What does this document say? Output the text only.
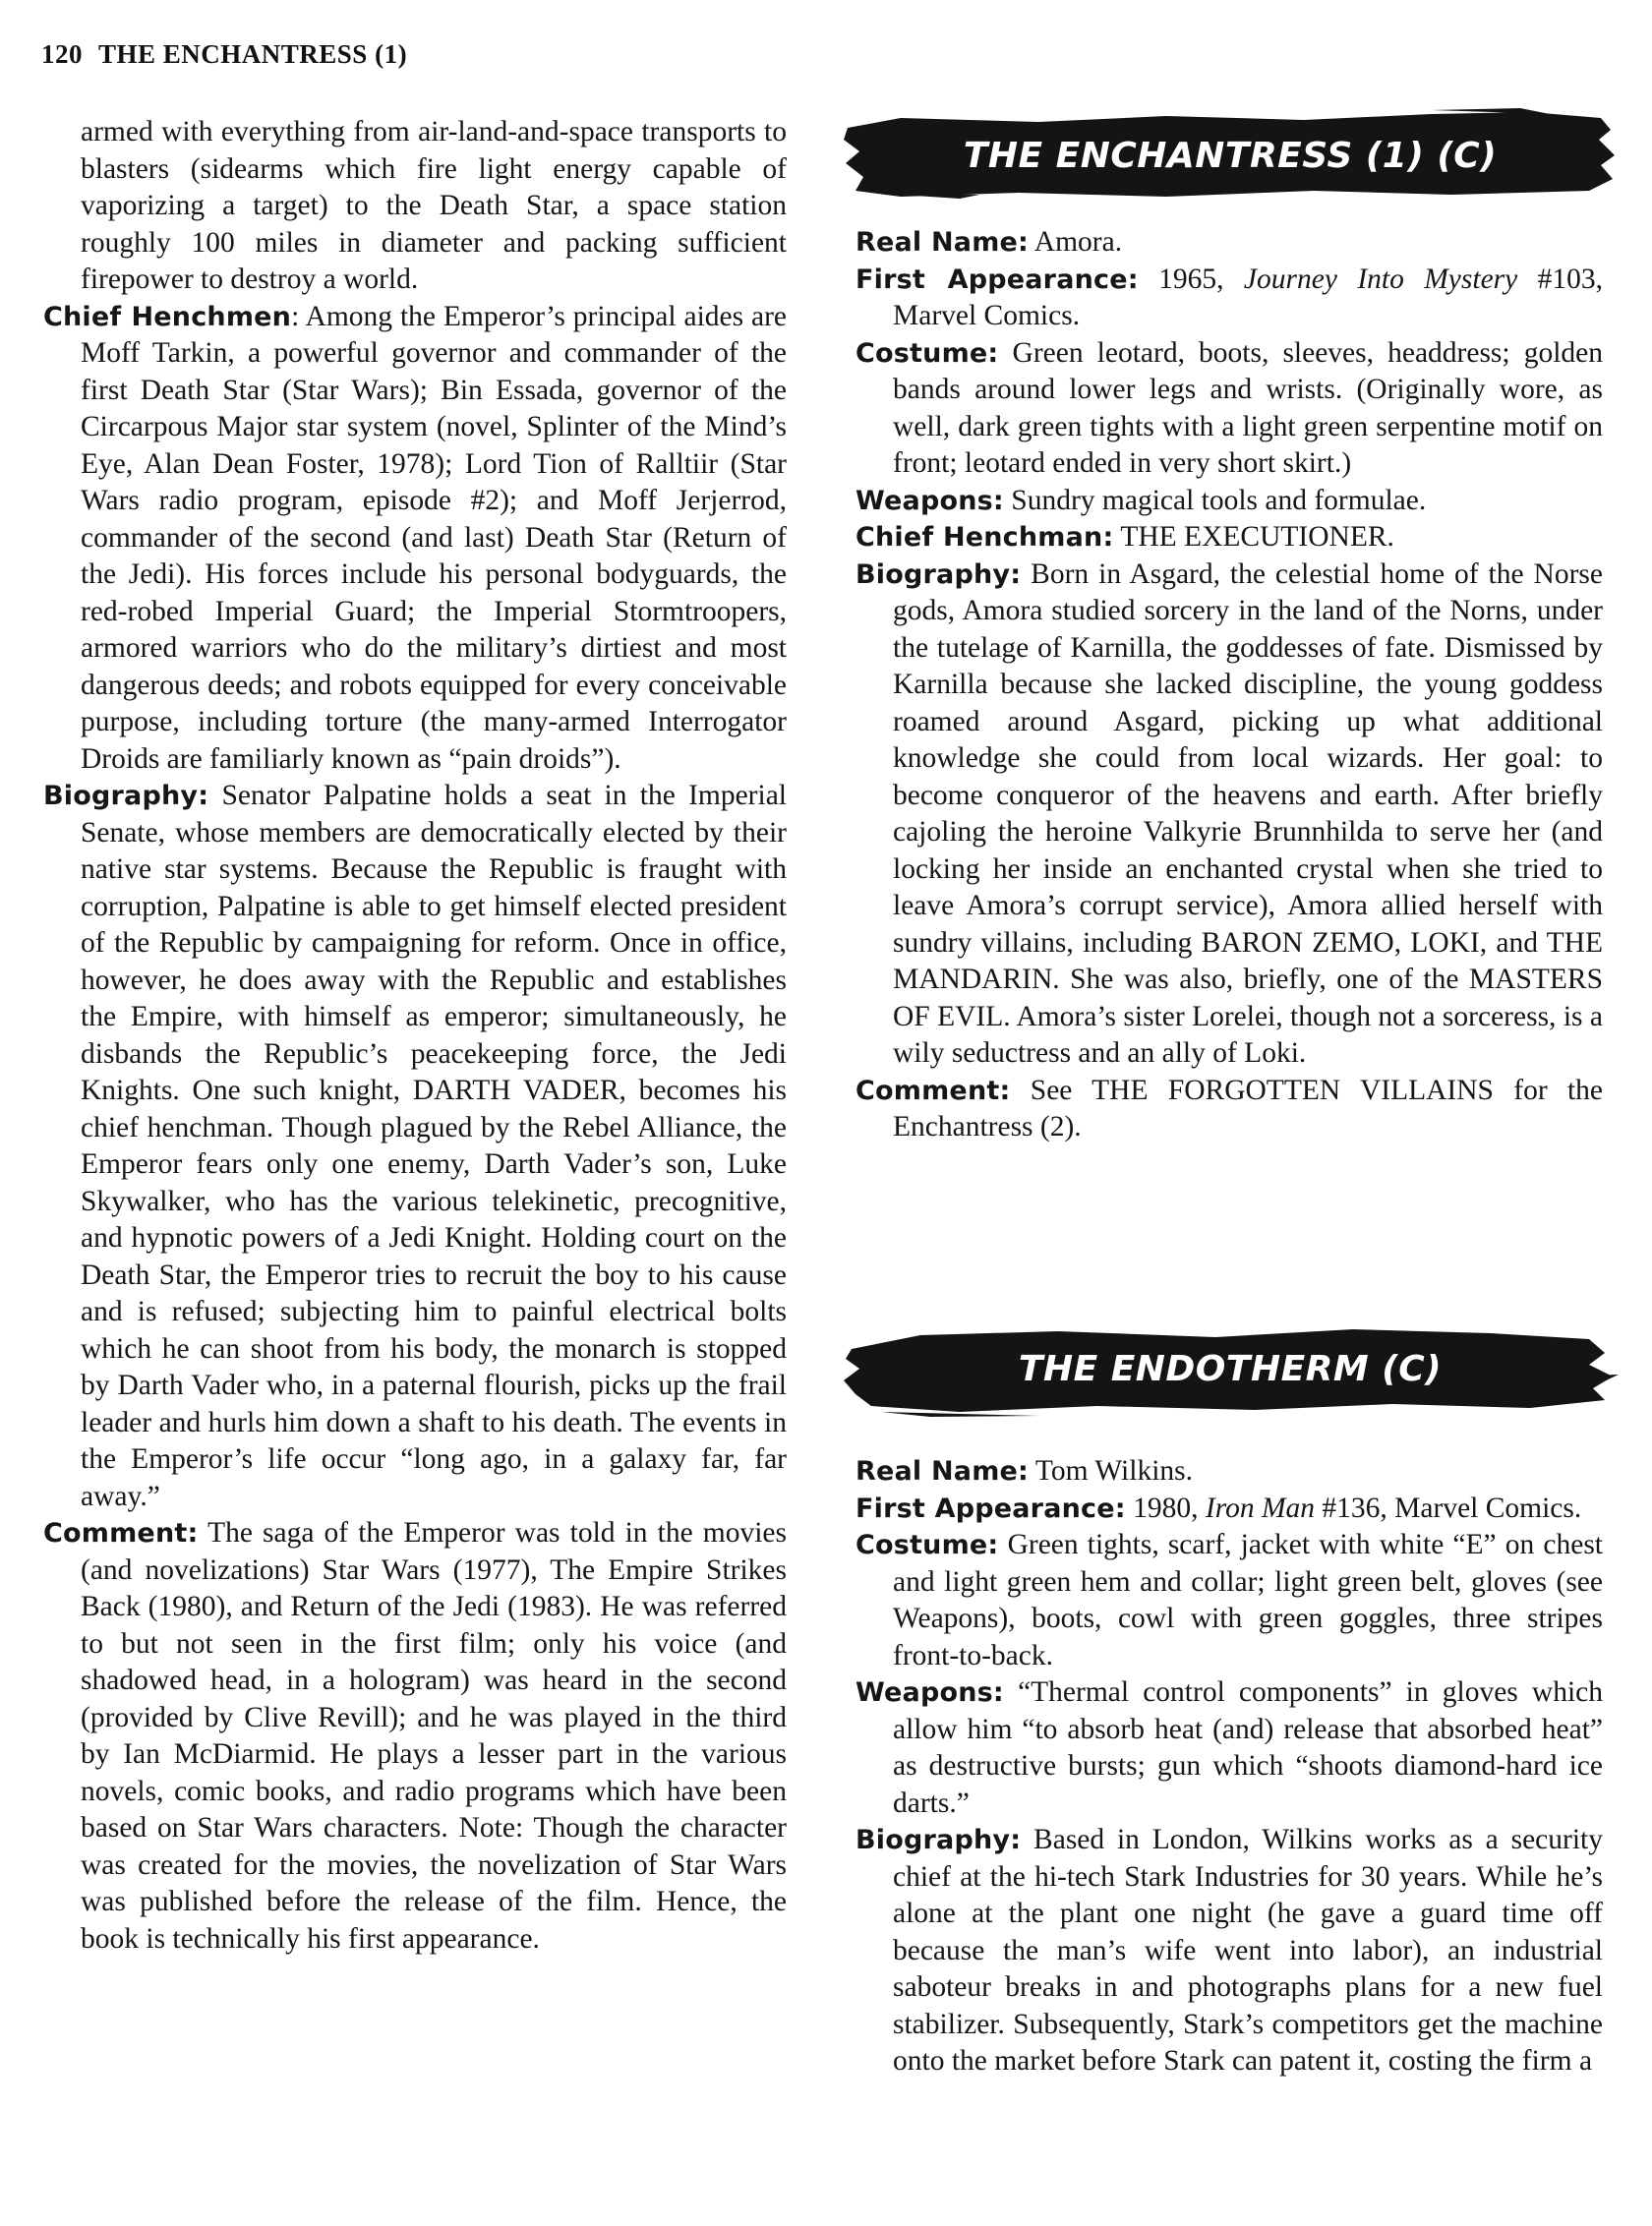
120 THE ENCHANTRESS (1)

armed with everything from air-land-and-space transports to blasters (sidearms which fire light energy capable of vaporizing a target) to the Death Star, a space station roughly 100 miles in diameter and packing sufficient firepower to destroy a world.

Chief Henchmen: Among the Emperor’s principal aides are Moff Tarkin, a powerful governor and commander of the first Death Star (Star Wars); Bin Essada, governor of the Circarpous Major star system (novel, Splinter of the Mind’s Eye, Alan Dean Foster, 1978); Lord Tion of Ralltiir (Star Wars radio program, episode #2); and Moff Jerjerrod, commander of the second (and last) Death Star (Return of the Jedi). His forces include his personal bodyguards, the red-robed Imperial Guard; the Imperial Stormtroopers, armored warriors who do the military’s dirtiest and most dangerous deeds; and robots equipped for every conceivable purpose, including torture (the many-armed Interrogator Droids are familiarly known as “pain droids”).

Biography: Senator Palpatine holds a seat in the Imperial Senate, whose members are democratically elected by their native star systems. Because the Republic is fraught with corruption, Palpatine is able to get himself elected president of the Republic by campaigning for reform. Once in office, however, he does away with the Republic and establishes the Empire, with himself as emperor; simultaneously, he disbands the Republic’s peacekeeping force, the Jedi Knights. One such knight, DARTH VADER, becomes his chief henchman. Though plagued by the Rebel Alliance, the Emperor fears only one enemy, Darth Vader’s son, Luke Skywalker, who has the various telekinetic, precognitive, and hypnotic powers of a Jedi Knight. Holding court on the Death Star, the Emperor tries to recruit the boy to his cause and is refused; subjecting him to painful electrical bolts which he can shoot from his body, the monarch is stopped by Darth Vader who, in a paternal flourish, picks up the frail leader and hurls him down a shaft to his death. The events in the Emperor’s life occur “long ago, in a galaxy far, far away.”

Comment: The saga of the Emperor was told in the movies (and novelizations) Star Wars (1977), The Empire Strikes Back (1980), and Return of the Jedi (1983). He was referred to but not seen in the first film; only his voice (and shadowed head, in a hologram) was heard in the second (provided by Clive Revill); and he was played in the third by Ian McDiarmid. He plays a lesser part in the various novels, comic books, and radio programs which have been based on Star Wars characters. Note: Though the character was created for the movies, the novelization of Star Wars was published before the release of the film. Hence, the book is technically his first appearance.

THE ENCHANTRESS (1) (C)

Real Name: Amora.

First Appearance: 1965, Journey Into Mystery #103, Marvel Comics.

Costume: Green leotard, boots, sleeves, headdress; golden bands around lower legs and wrists. (Originally wore, as well, dark green tights with a light green serpentine motif on front; leotard ended in very short skirt.)

Weapons: Sundry magical tools and formulae.

Chief Henchman: THE EXECUTIONER.

Biography: Born in Asgard, the celestial home of the Norse gods, Amora studied sorcery in the land of the Norns, under the tutelage of Karnilla, the goddesses of fate. Dismissed by Karnilla because she lacked discipline, the young goddess roamed around Asgard, picking up what additional knowledge she could from local wizards. Her goal: to become conqueror of the heavens and earth. After briefly cajoling the heroine Valkyrie Brunnhilda to serve her (and locking her inside an enchanted crystal when she tried to leave Amora’s corrupt service), Amora allied herself with sundry villains, including BARON ZEMO, LOKI, and THE MANDARIN. She was also, briefly, one of the MASTERS OF EVIL. Amora’s sister Lorelei, though not a sorceress, is a wily seductress and an ally of Loki.

Comment: See THE FORGOTTEN VILLAINS for the Enchantress (2).

THE ENDOTHERM (C)

Real Name: Tom Wilkins.

First Appearance: 1980, Iron Man #136, Marvel Comics.

Costume: Green tights, scarf, jacket with white “E” on chest and light green hem and collar; light green belt, gloves (see Weapons), boots, cowl with green goggles, three stripes front-to-back.

Weapons: “Thermal control components” in gloves which allow him “to absorb heat (and) release that absorbed heat” as destructive bursts; gun which “shoots diamond-hard ice darts.”

Biography: Based in London, Wilkins works as a security chief at the hi-tech Stark Industries for 30 years. While he’s alone at the plant one night (he gave a guard time off because the man’s wife went into labor), an industrial saboteur breaks in and photographs plans for a new fuel stabilizer. Subsequently, Stark’s competitors get the machine onto the market before Stark can patent it, costing the firm a
